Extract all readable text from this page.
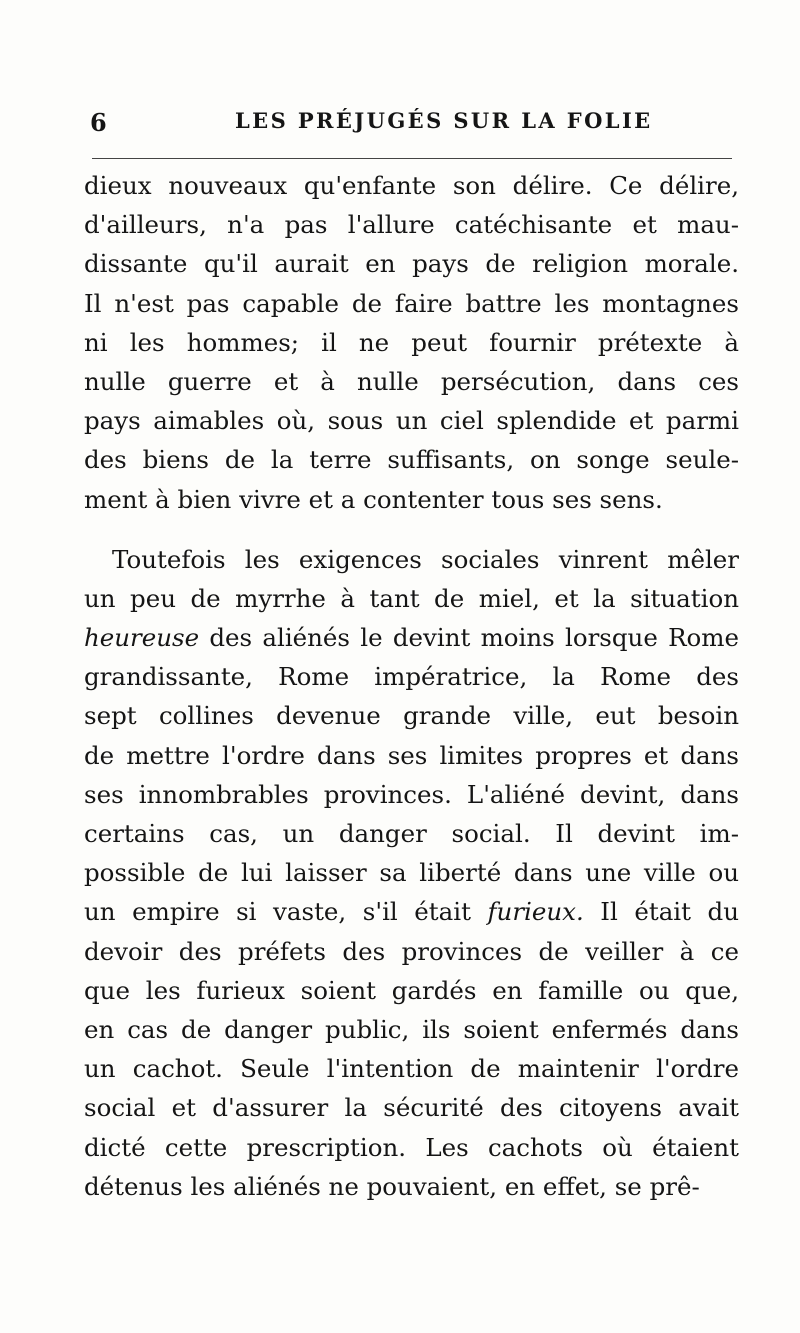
6	LES PRÉJUGÉS SUR LA FOLIE
dieux nouveaux qu'enfante son délire. Ce délire,
d'ailleurs, n'a pas l'allure catéchisante et mau-
dissante qu'il aurait en pays de religion morale.
Il n'est pas capable de faire battre les montagnes
ni les hommes; il ne peut fournir prétexte à
nulle guerre et à nulle persécution, dans ces
pays aimables où, sous un ciel splendide et parmi
des biens de la terre suffisants, on songe seule-
ment à bien vivre et a contenter tous ses sens.
Toutefois les exigences sociales vinrent mêler
un peu de myrrhe à tant de miel, et la situation
heureuse des aliénés le devint moins lorsque Rome
grandissante, Rome impératrice, la Rome des
sept collines devenue grande ville, eut besoin
de mettre l'ordre dans ses limites propres et dans
ses innombrables provinces. L'aliéné devint, dans
certains cas, un danger social. Il devint im-
possible de lui laisser sa liberté dans une ville ou
un empire si vaste, s'il était furieux. Il était du
devoir des préfets des provinces de veiller à ce
que les furieux soient gardés en famille ou que,
en cas de danger public, ils soient enfermés dans
un cachot. Seule l'intention de maintenir l'ordre
social et d'assurer la sécurité des citoyens avait
dicté cette prescription. Les cachots où étaient
détenus les aliénés ne pouvaient, en effet, se prê-
